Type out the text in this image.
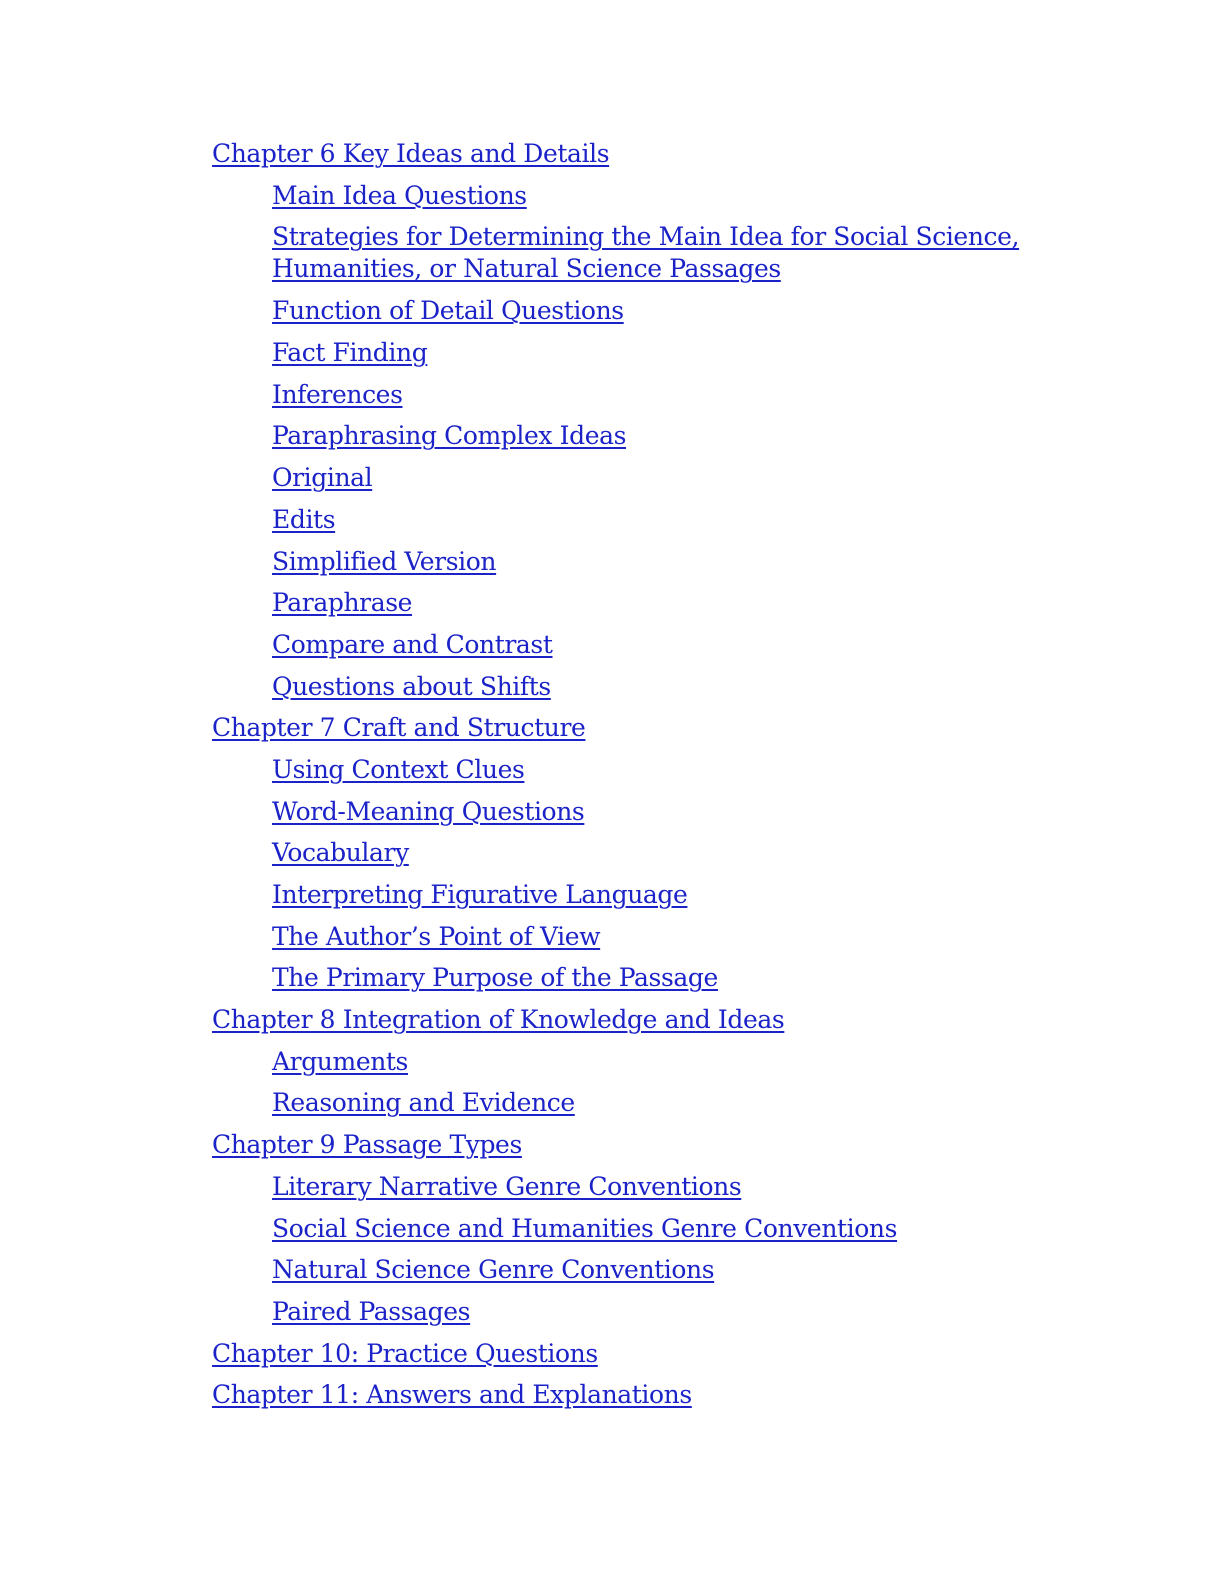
Chapter 6 Key Ideas and Details
Main Idea Questions
Strategies for Determining the Main Idea for Social Science, Humanities, or Natural Science Passages
Function of Detail Questions
Fact Finding
Inferences
Paraphrasing Complex Ideas
Original
Edits
Simplified Version
Paraphrase
Compare and Contrast
Questions about Shifts
Chapter 7 Craft and Structure
Using Context Clues
Word-Meaning Questions
Vocabulary
Interpreting Figurative Language
The Author’s Point of View
The Primary Purpose of the Passage
Chapter 8 Integration of Knowledge and Ideas
Arguments
Reasoning and Evidence
Chapter 9 Passage Types
Literary Narrative Genre Conventions
Social Science and Humanities Genre Conventions
Natural Science Genre Conventions
Paired Passages
Chapter 10: Practice Questions
Chapter 11: Answers and Explanations
